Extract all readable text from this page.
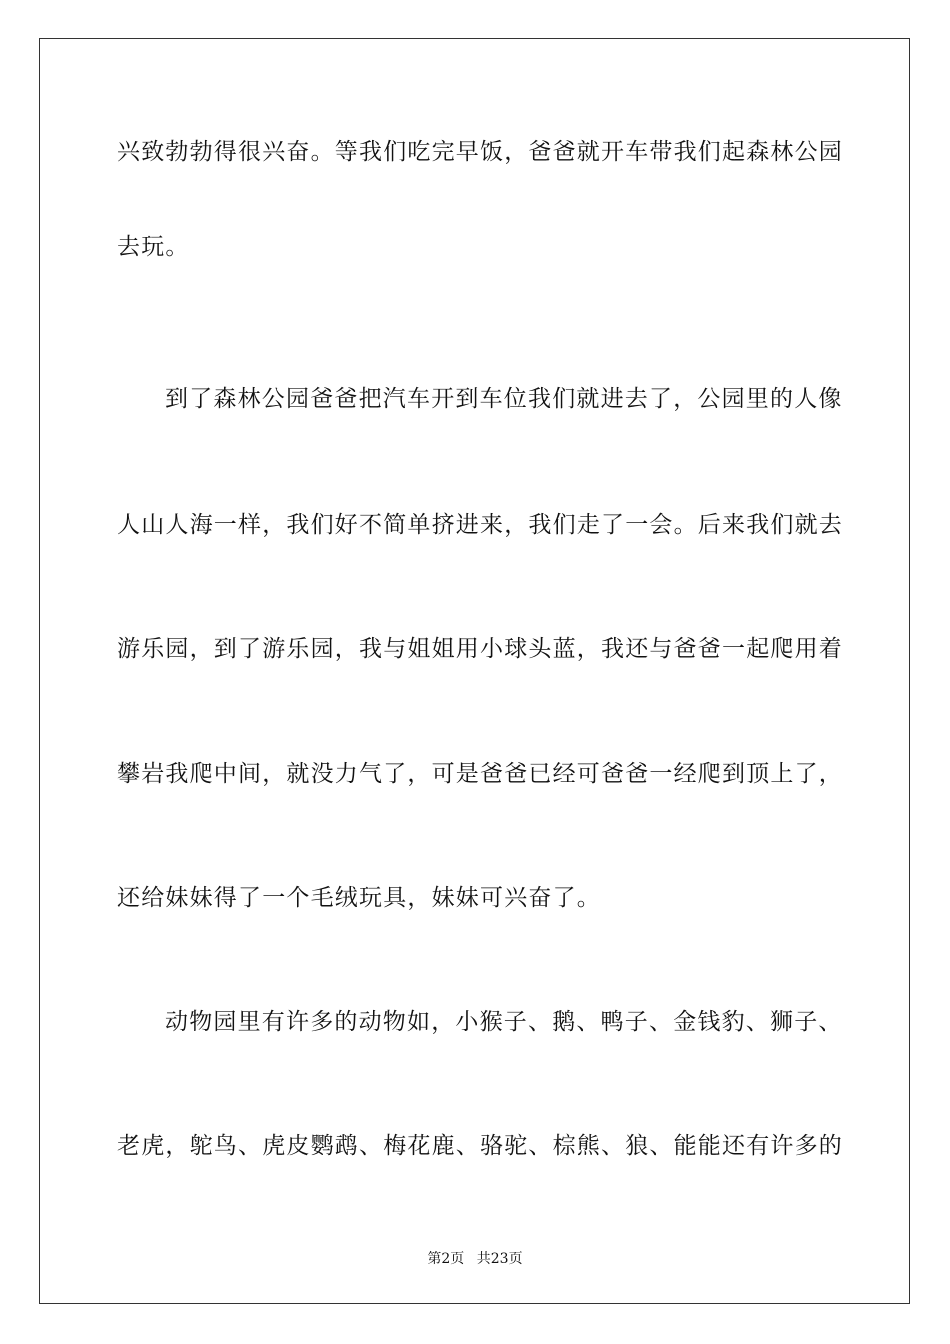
兴致勃勃得很兴奋。等我们吃完早饭，爸爸就开车带我们起森林公园
去玩。
到了森林公园爸爸把汽车开到车位我们就进去了，公园里的人像
人山人海一样，我们好不简单挤进来，我们走了一会。后来我们就去
游乐园，到了游乐园，我与姐姐用小球头蓝，我还与爸爸一起爬用着
攀岩我爬中间，就没力气了，可是爸爸已经可爸爸一经爬到顶上了，
还给妹妹得了一个毛绒玩具，妹妹可兴奋了。
动物园里有许多的动物如，小猴子、鹅、鸭子、金钱豹、狮子、
老虎，鸵鸟、虎皮鹦鹉、梅花鹿、骆驼、棕熊、狼、能能还有许多的
第2页 共23页
